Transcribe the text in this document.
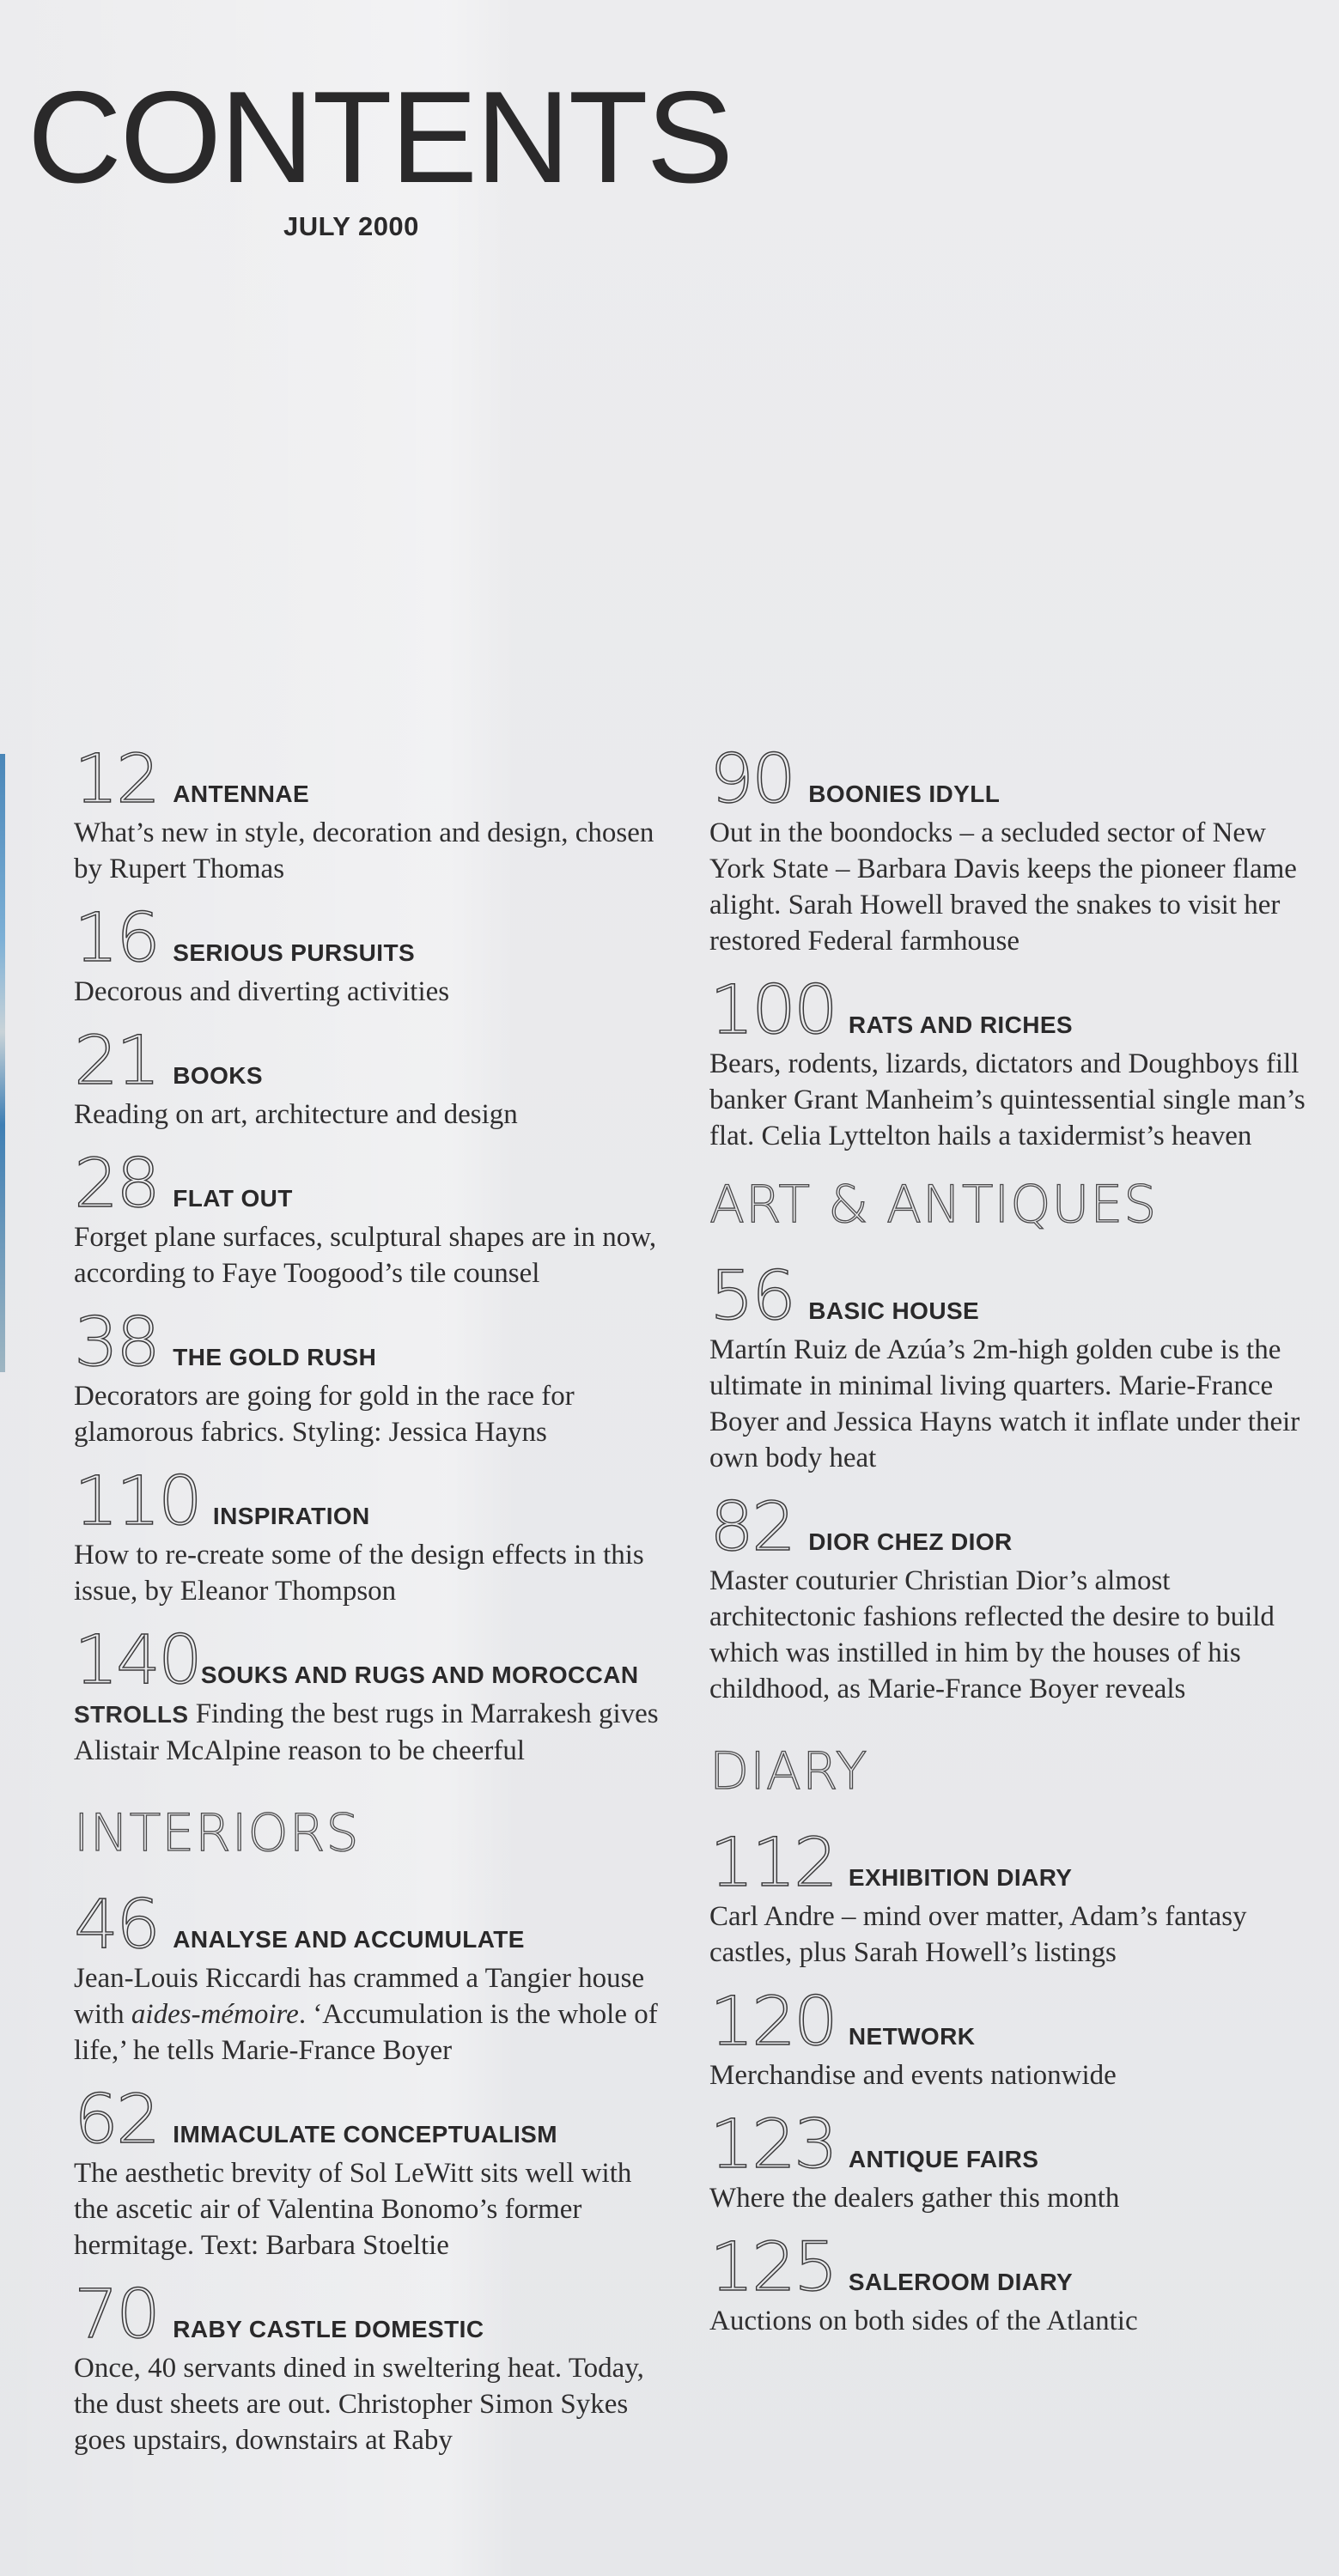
CONTENTS
JULY 2000
12 ANTENNAE

What’s new in style, decoration and design, chosen by Rupert Thomas

16 SERIOUS PURSUITS

Decorous and diverting activities

21 BOOKS

Reading on art, architecture and design

28 FLAT OUT

Forget plane surfaces, sculptural shapes are in now, according to Faye Toogood’s tile counsel

38 THE GOLD RUSH

Decorators are going for gold in the race for glamorous fabrics. Styling: Jessica Hayns

110 INSPIRATION

How to re-create some of the design effects in this issue, by Eleanor Thompson

140 SOUKS AND RUGS AND MOROCCAN

STROLLS Finding the best rugs in Marrakesh gives Alistair McAlpine reason to be cheerful

INTERIORS
46 ANALYSE AND ACCUMULATE

Jean-Louis Riccardi has crammed a Tangier house with aides-mémoire. ‘Accumulation is the whole of life,’ he tells Marie-France Boyer

62 IMMACULATE CONCEPTUALISM

The aesthetic brevity of Sol LeWitt sits well with the ascetic air of Valentina Bonomo’s former hermitage. Text: Barbara Stoeltie

70 RABY CASTLE DOMESTIC

Once, 40 servants dined in sweltering heat. Today, the dust sheets are out. Christopher Simon Sykes goes upstairs, downstairs at Raby

90 BOONIES IDYLL

Out in the boondocks – a secluded sector of New York State – Barbara Davis keeps the pioneer flame alight. Sarah Howell braved the snakes to visit her restored Federal farmhouse

100 RATS AND RICHES

Bears, rodents, lizards, dictators and Doughboys fill banker Grant Manheim’s quintessential single man’s flat. Celia Lyttelton hails a taxidermist’s heaven

ART & ANTIQUES
56 BASIC HOUSE

Martín Ruiz de Azúa’s 2m-high golden cube is the ultimate in minimal living quarters. Marie-France Boyer and Jessica Hayns watch it inflate under their own body heat

82 DIOR CHEZ DIOR

Master couturier Christian Dior’s almost architectonic fashions reflected the desire to build which was instilled in him by the houses of his childhood, as Marie-France Boyer reveals

DIARY
112 EXHIBITION DIARY

Carl Andre – mind over matter, Adam’s fantasy castles, plus Sarah Howell’s listings

120 NETWORK

Merchandise and events nationwide

123 ANTIQUE FAIRS

Where the dealers gather this month

125 SALEROOM DIARY

Auctions on both sides of the Atlantic
